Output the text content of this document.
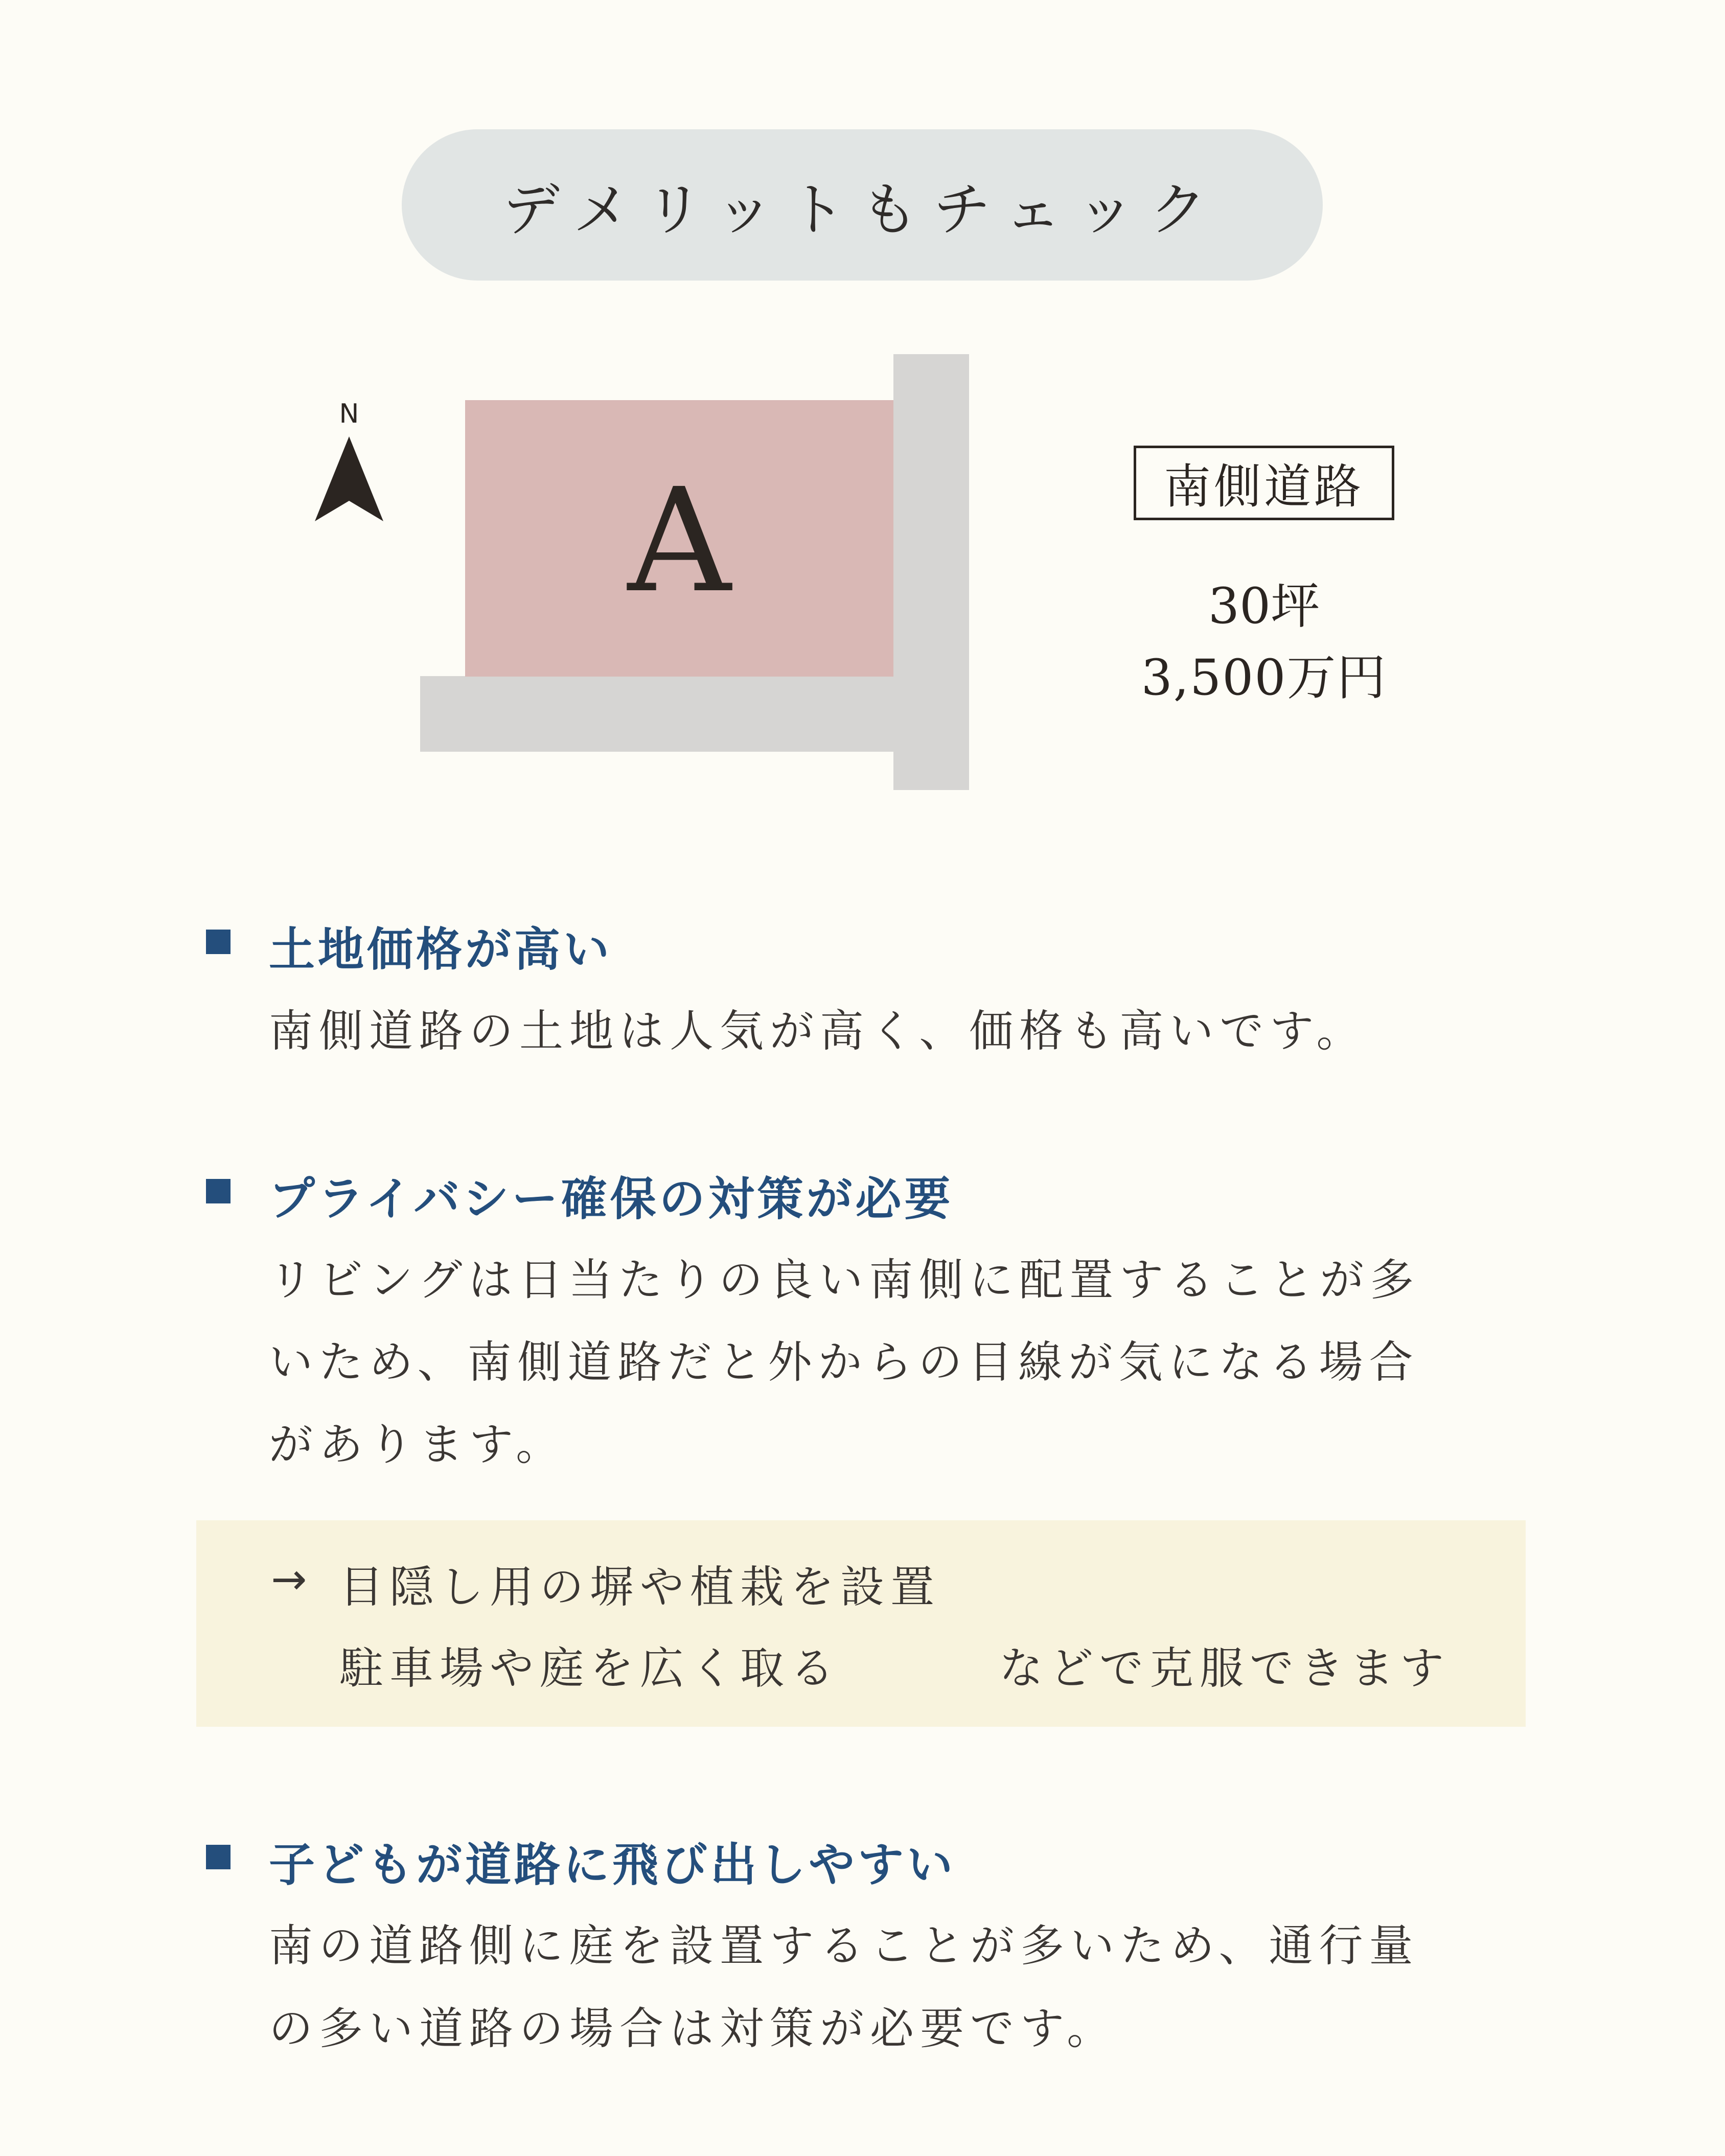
デメリットもチェック
N
A	南側道路
30坪
3,500万円
土地価格が高い
南側道路の土地は人気が高く、価格も高いです。
プライバシー確保の対策が必要
リビングは日当たりの良い南側に配置することが多
いため、南側道路だと外からの目線が気になる場合
があります。
→ 目隠し用の塀や植栽を設置
駐車場や庭を広く取る	などで克服できます
子どもが道路に飛び出しやすい
南の道路側に庭を設置することが多いため、通行量
の多い道路の場合は対策が必要です。
